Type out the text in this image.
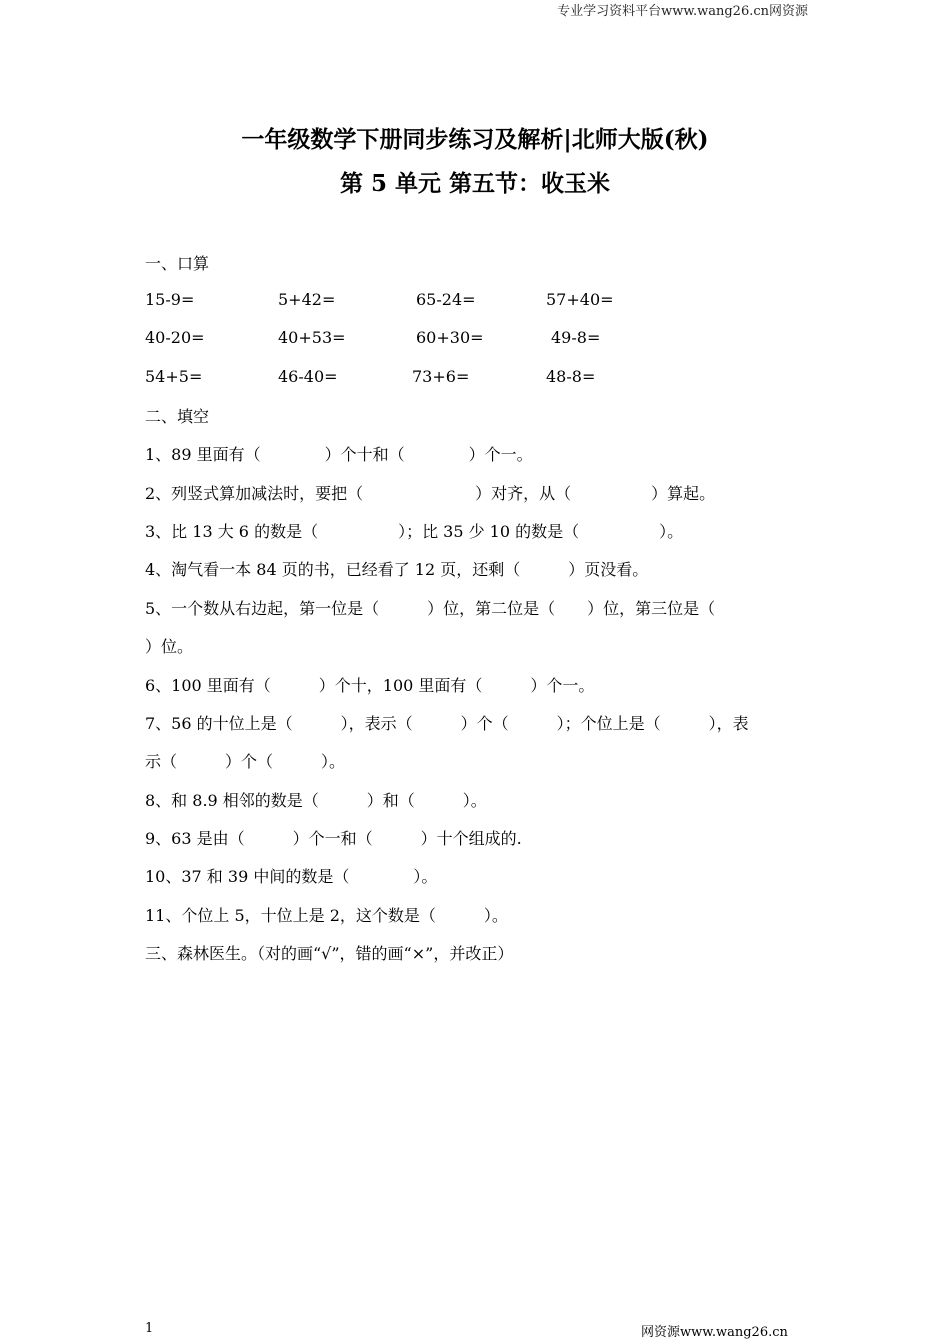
专业学习资料平台www.wang26.cn网资源
一年级数学下册同步练习及解析|北师大版(秋)
第 5 单元 第五节：收玉米
一、口算
15-9=	5+42=	65-24=	57+40=
40-20=	40+53=	60+30=	49-8=
54+5=	46-40=	73+6=	48-8=
二、填空
1、89 里面有（　　　　）个十和（　　　　）个一。
2、列竖式算加减法时，要把（　　　　　　　）对齐，从（　　　　　）算起。
3、比 13 大 6 的数是（　　　　　）；比 35 少 10 的数是（　　　　　）。
4、淘气看一本 84 页的书，已经看了 12 页，还剩（　　　）页没看。
5、一个数从右边起，第一位是（　　　）位，第二位是（　　）位，第三位是（
）位。
6、100 里面有（　　　）个十，100 里面有（　　　）个一。
7、56 的十位上是（　　　），表示（　　　）个（　　　）；个位上是（　　　），表
示（　　　）个（　　　）。
8、和 8.9 相邻的数是（　　　）和（　　　）。
9、63 是由（　　　）个一和（　　　）十个组成的.
10、37 和 39 中间的数是（　　　　）。
11、个位上 5，十位上是 2，这个数是（　　　）。
三、森林医生。（对的画“√”，错的画“×”，并改正）
1	网资源www.wang26.cn
